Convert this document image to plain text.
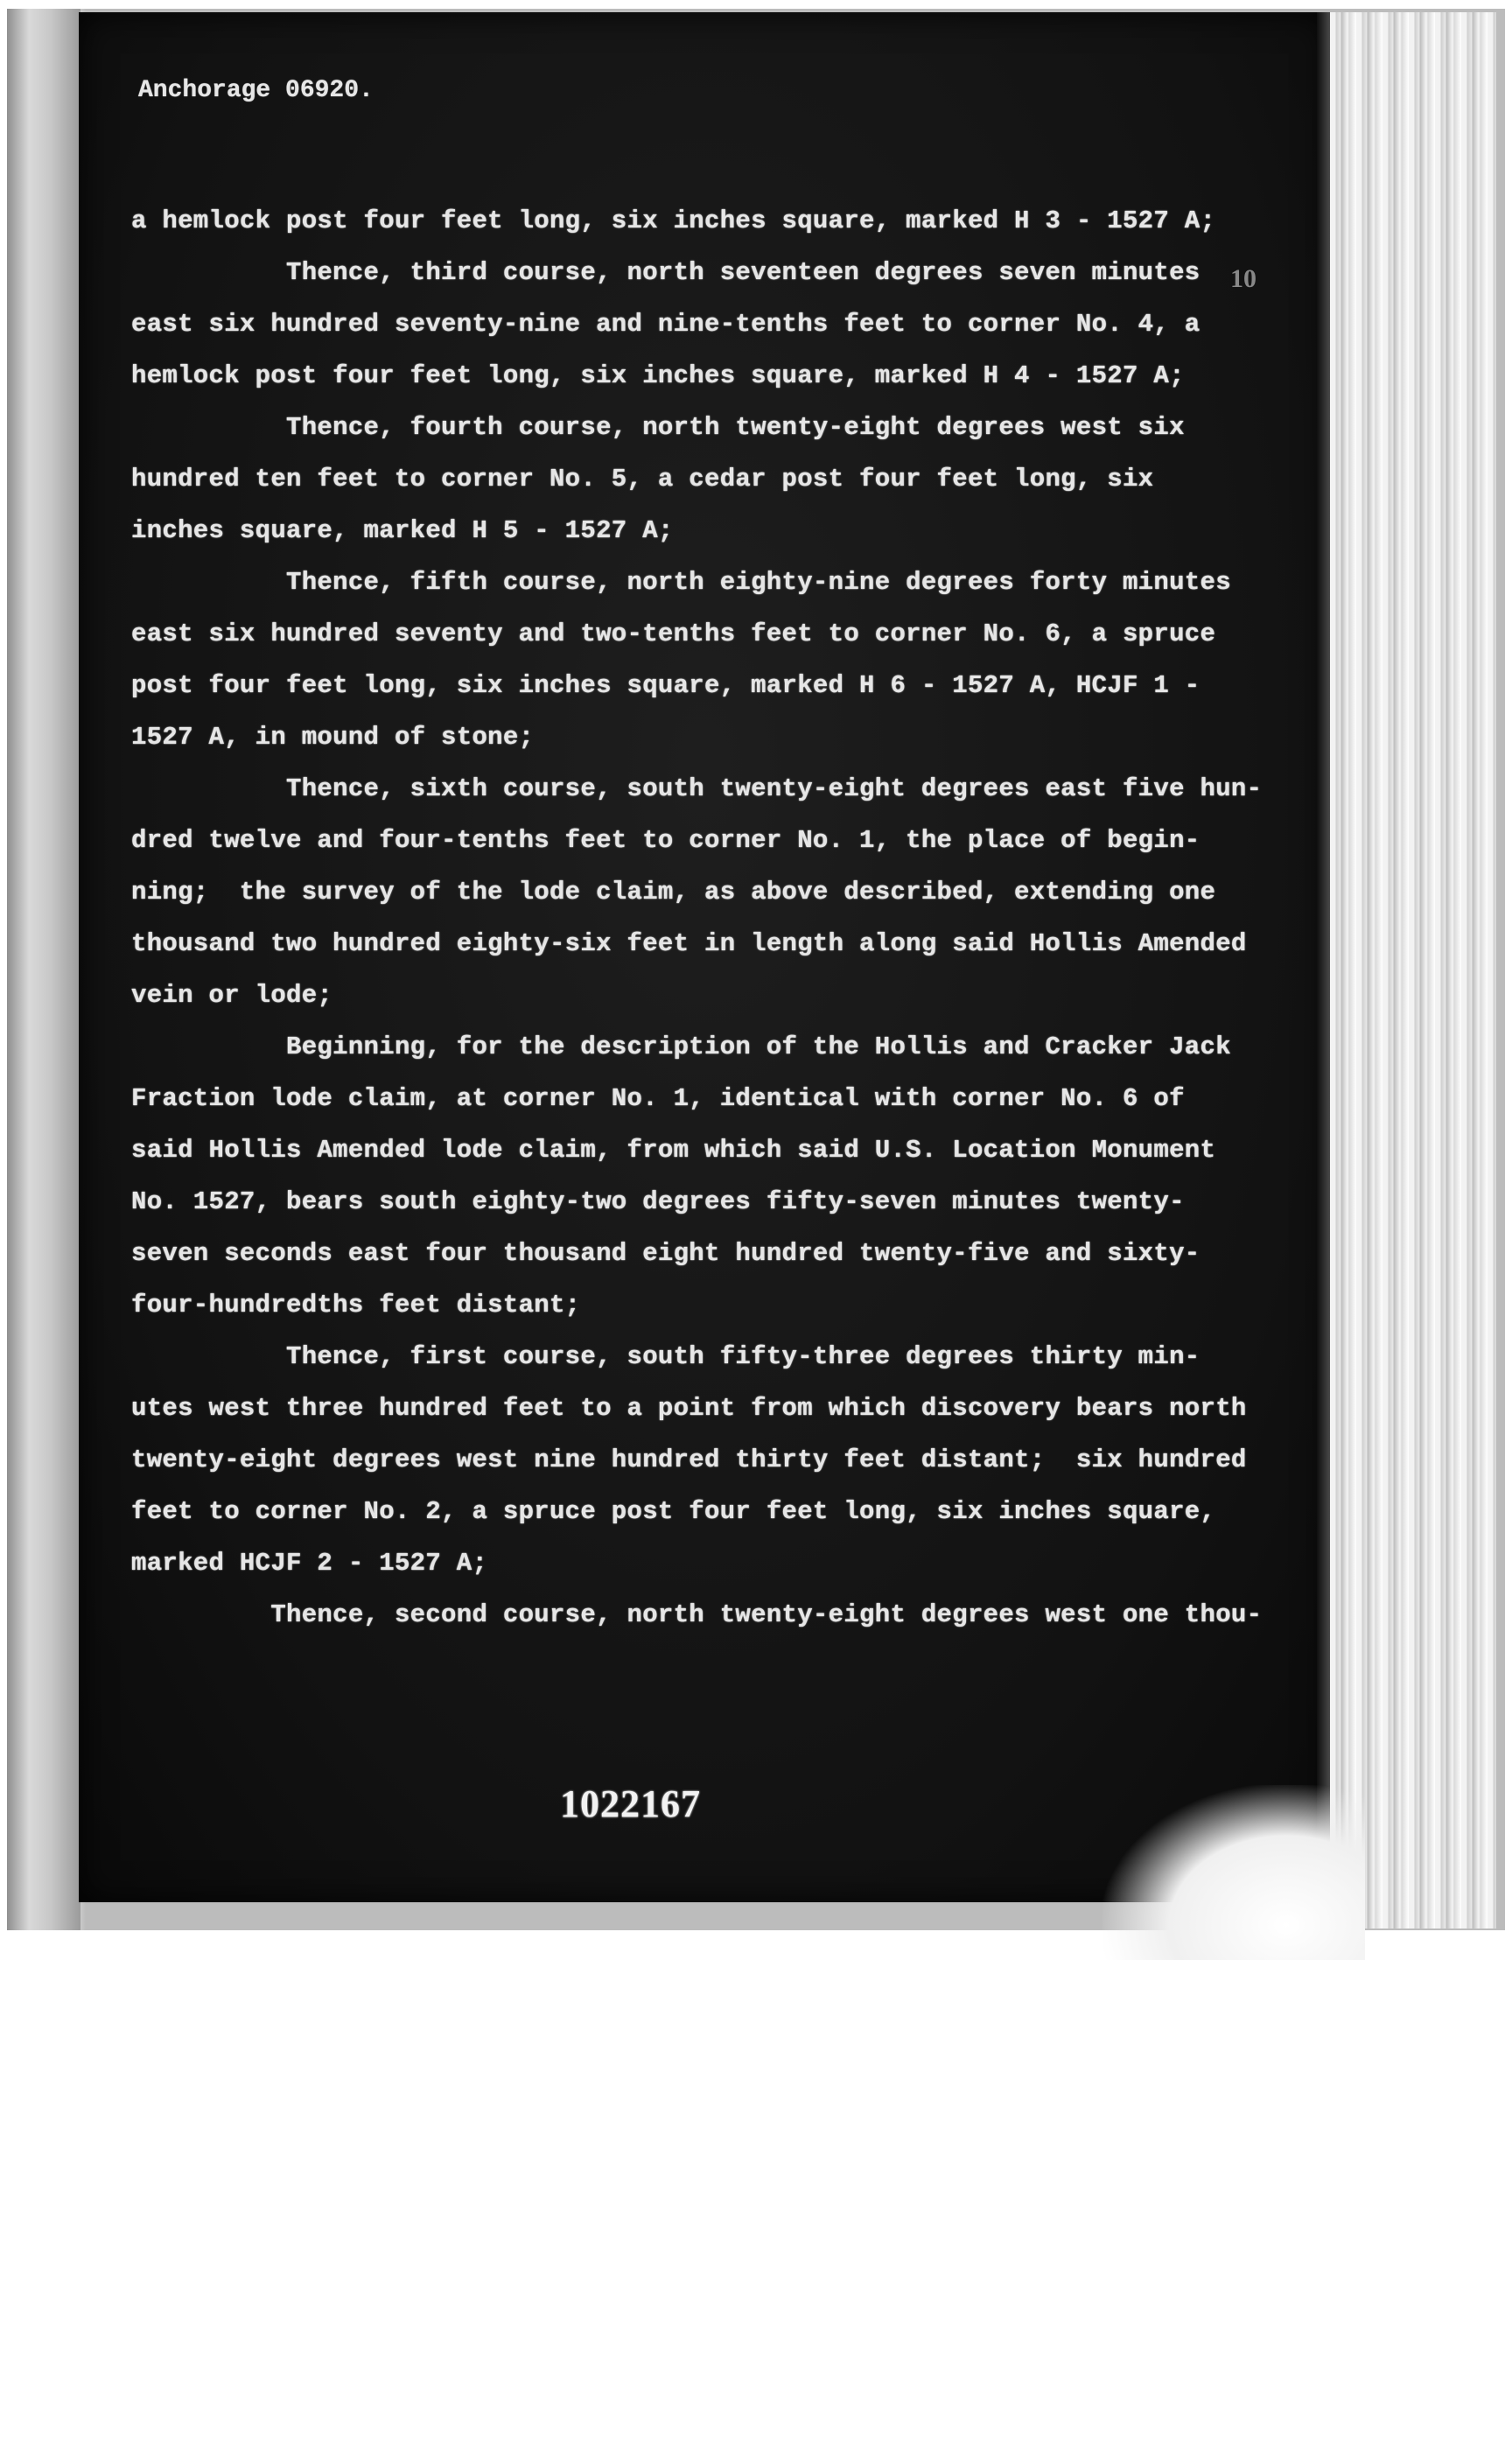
Anchorage 06920.
10
a hemlock post four feet long, six inches square, marked H 3 - 1527 A;
Thence, third course, north seventeen degrees seven minutes
east six hundred seventy-nine and nine-tenths feet to corner No. 4, a
hemlock post four feet long, six inches square, marked H 4 - 1527 A;
Thence, fourth course, north twenty-eight degrees west six
hundred ten feet to corner No. 5, a cedar post four feet long, six
inches square, marked H 5 - 1527 A;
Thence, fifth course, north eighty-nine degrees forty minutes
east six hundred seventy and two-tenths feet to corner No. 6, a spruce
post four feet long, six inches square, marked H 6 - 1527 A, HCJF 1 -
1527 A, in mound of stone;
Thence, sixth course, south twenty-eight degrees east five hun-
dred twelve and four-tenths feet to corner No. 1, the place of begin-
ning;  the survey of the lode claim, as above described, extending one
thousand two hundred eighty-six feet in length along said Hollis Amended
vein or lode;
Beginning, for the description of the Hollis and Cracker Jack
Fraction lode claim, at corner No. 1, identical with corner No. 6 of
said Hollis Amended lode claim, from which said U.S. Location Monument
No. 1527, bears south eighty-two degrees fifty-seven minutes twenty-
seven seconds east four thousand eight hundred twenty-five and sixty-
four-hundredths feet distant;
Thence, first course, south fifty-three degrees thirty min-
utes west three hundred feet to a point from which discovery bears north
twenty-eight degrees west nine hundred thirty feet distant;  six hundred
feet to corner No. 2, a spruce post four feet long, six inches square,
marked HCJF 2 - 1527 A;
Thence, second course, north twenty-eight degrees west one thou-
1022167
